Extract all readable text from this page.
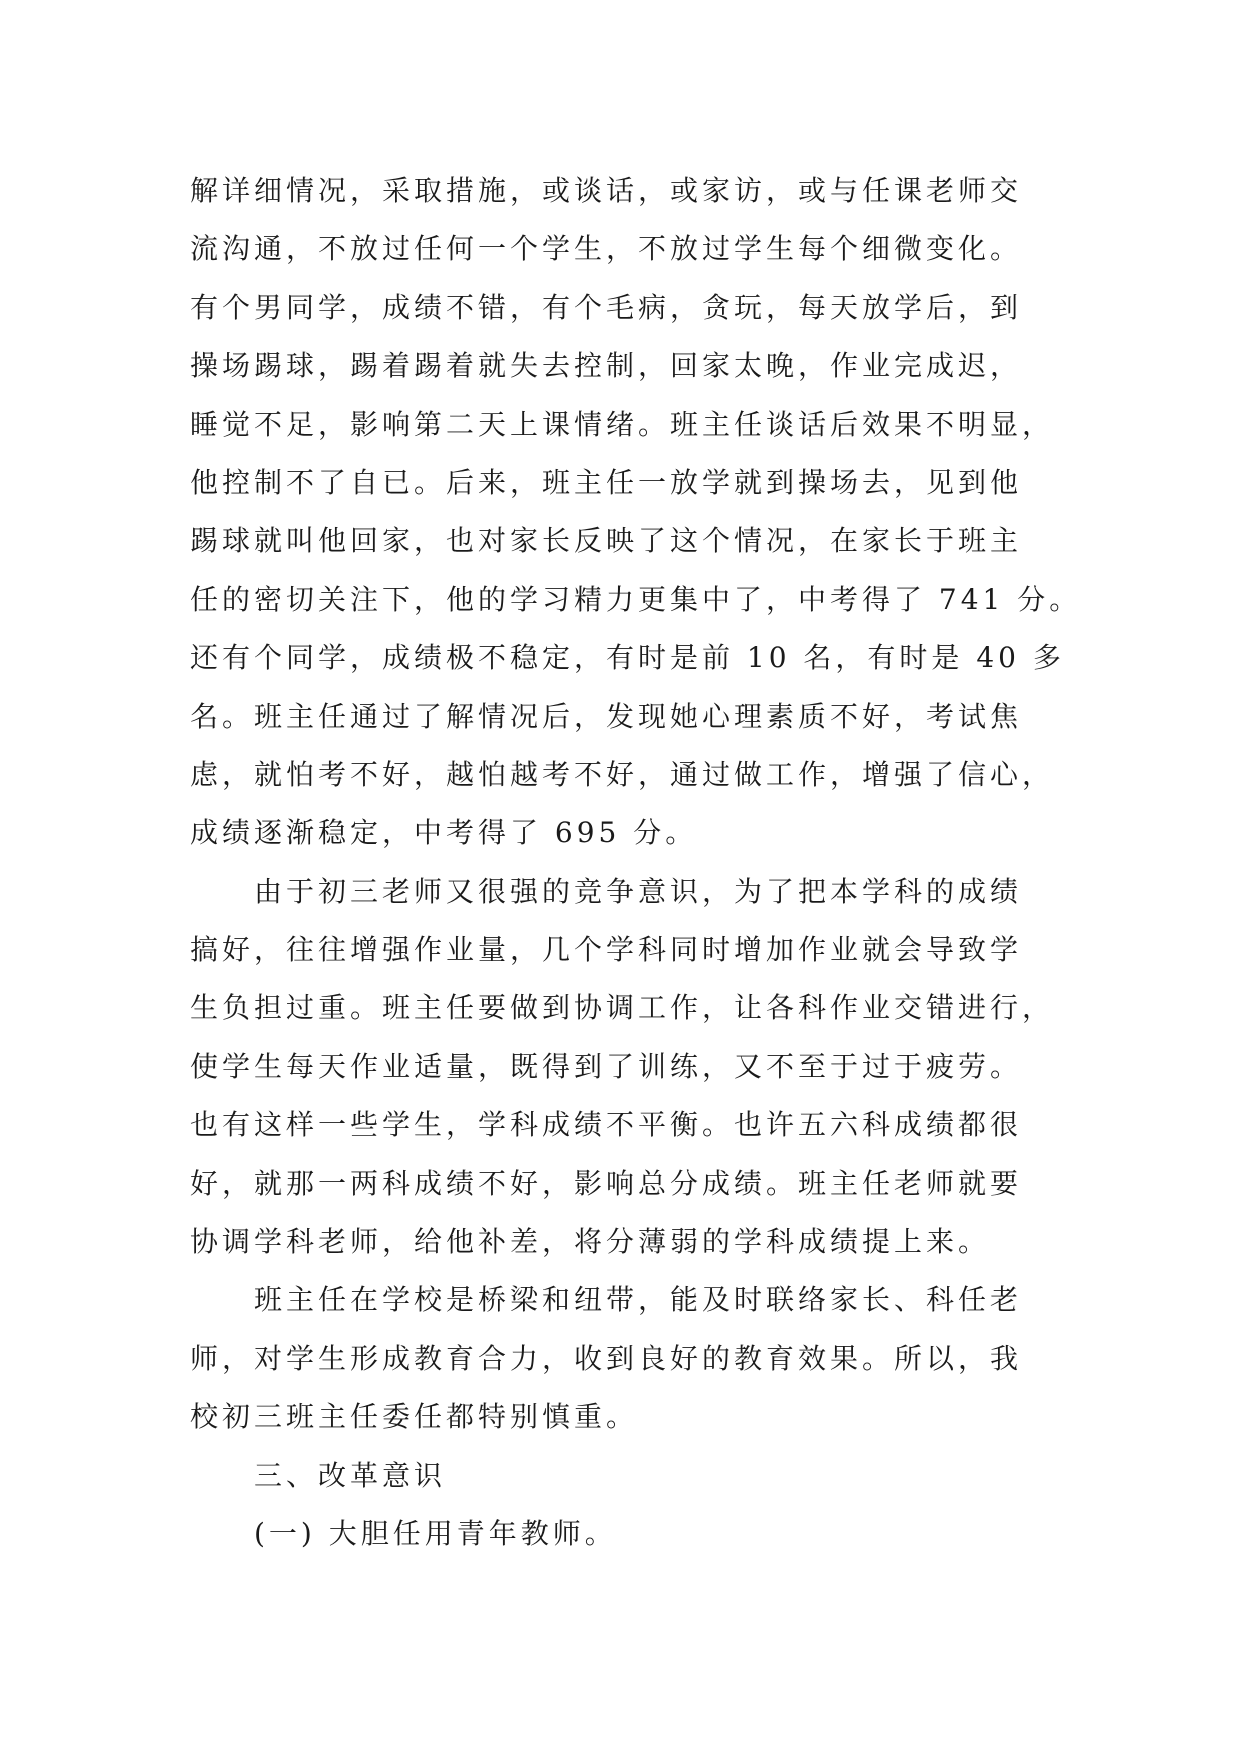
解详细情况，采取措施，或谈话，或家访，或与任课老师交
流沟通，不放过任何一个学生，不放过学生每个细微变化。
有个男同学，成绩不错，有个毛病，贪玩，每天放学后，到
操场踢球，踢着踢着就失去控制，回家太晚，作业完成迟，
睡觉不足，影响第二天上课情绪。班主任谈话后效果不明显，
他控制不了自已。后来，班主任一放学就到操场去，见到他
踢球就叫他回家，也对家长反映了这个情况，在家长于班主
任的密切关注下，他的学习精力更集中了，中考得了 741 分。
还有个同学，成绩极不稳定，有时是前 10 名，有时是 40 多
名。班主任通过了解情况后，发现她心理素质不好，考试焦
虑，就怕考不好，越怕越考不好，通过做工作，增强了信心，
成绩逐渐稳定，中考得了 695 分。
由于初三老师又很强的竞争意识，为了把本学科的成绩
搞好，往往增强作业量，几个学科同时增加作业就会导致学
生负担过重。班主任要做到协调工作，让各科作业交错进行，
使学生每天作业适量，既得到了训练，又不至于过于疲劳。
也有这样一些学生，学科成绩不平衡。也许五六科成绩都很
好，就那一两科成绩不好，影响总分成绩。班主任老师就要
协调学科老师，给他补差，将分薄弱的学科成绩提上来。
班主任在学校是桥梁和纽带，能及时联络家长、科任老
师，对学生形成教育合力，收到良好的教育效果。所以，我
校初三班主任委任都特别慎重。
三、改革意识
(一) 大胆任用青年教师。
